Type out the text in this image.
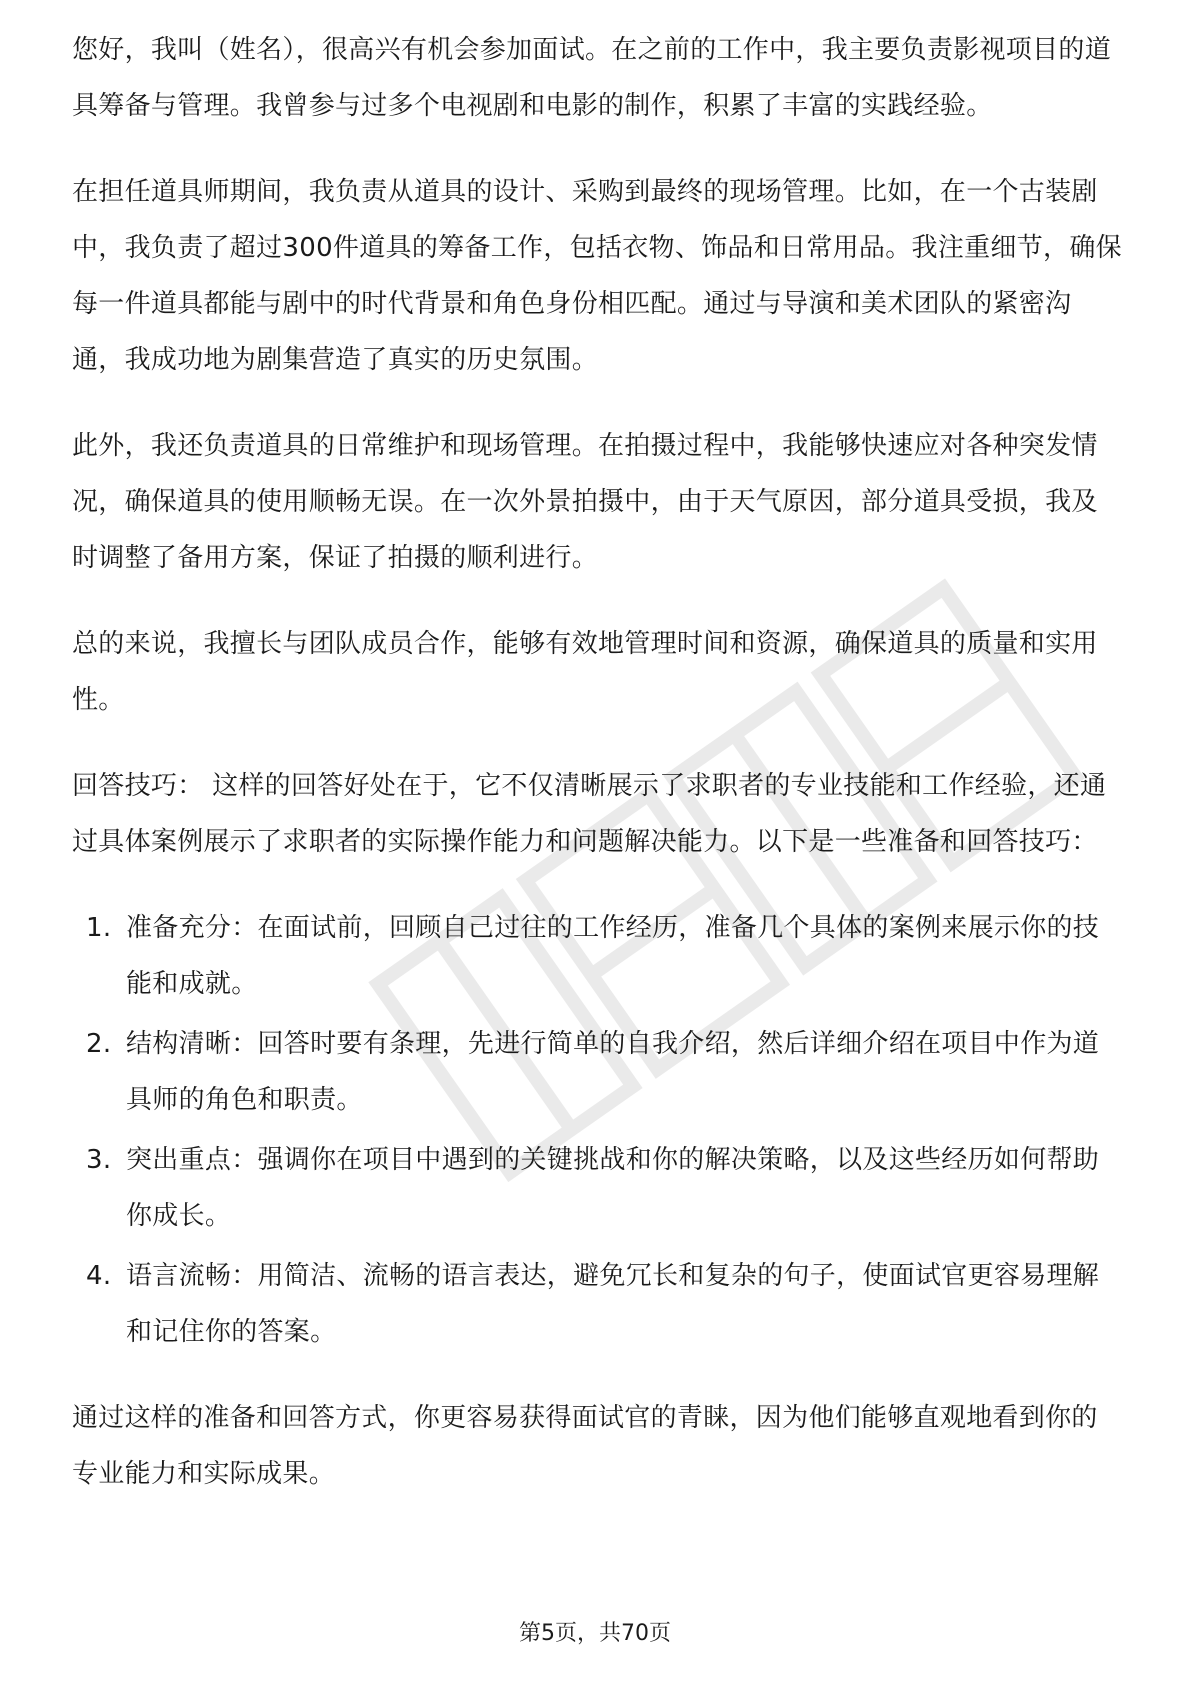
您好，我叫（姓名），很高兴有机会参加面试。在之前的工作中，我主要负责影视项目的道具筹备与管理。我曾参与过多个电视剧和电影的制作，积累了丰富的实践经验。

在担任道具师期间，我负责从道具的设计、采购到最终的现场管理。比如，在一个古装剧中，我负责了超过300件道具的筹备工作，包括衣物、饰品和日常用品。我注重细节，确保每一件道具都能与剧中的时代背景和角色身份相匹配。通过与导演和美术团队的紧密沟通，我成功地为剧集营造了真实的历史氛围。

此外，我还负责道具的日常维护和现场管理。在拍摄过程中，我能够快速应对各种突发情况，确保道具的使用顺畅无误。在一次外景拍摄中，由于天气原因，部分道具受损，我及时调整了备用方案，保证了拍摄的顺利进行。

总的来说，我擅长与团队成员合作，能够有效地管理时间和资源，确保道具的质量和实用性。

回答技巧： 这样的回答好处在于，它不仅清晰展示了求职者的专业技能和工作经验，还通过具体案例展示了求职者的实际操作能力和问题解决能力。以下是一些准备和回答技巧：

1. 准备充分：在面试前，回顾自己过往的工作经历，准备几个具体的案例来展示你的技能和成就。
2. 结构清晰：回答时要有条理，先进行简单的自我介绍，然后详细介绍在项目中作为道具师的角色和职责。
3. 突出重点：强调你在项目中遇到的关键挑战和你的解决策略，以及这些经历如何帮助你成长。
4. 语言流畅：用简洁、流畅的语言表达，避免冗长和复杂的句子，使面试官更容易理解和记住你的答案。

通过这样的准备和回答方式，你更容易获得面试官的青睐，因为他们能够直观地看到你的专业能力和实际成果。

第5页，共70页
